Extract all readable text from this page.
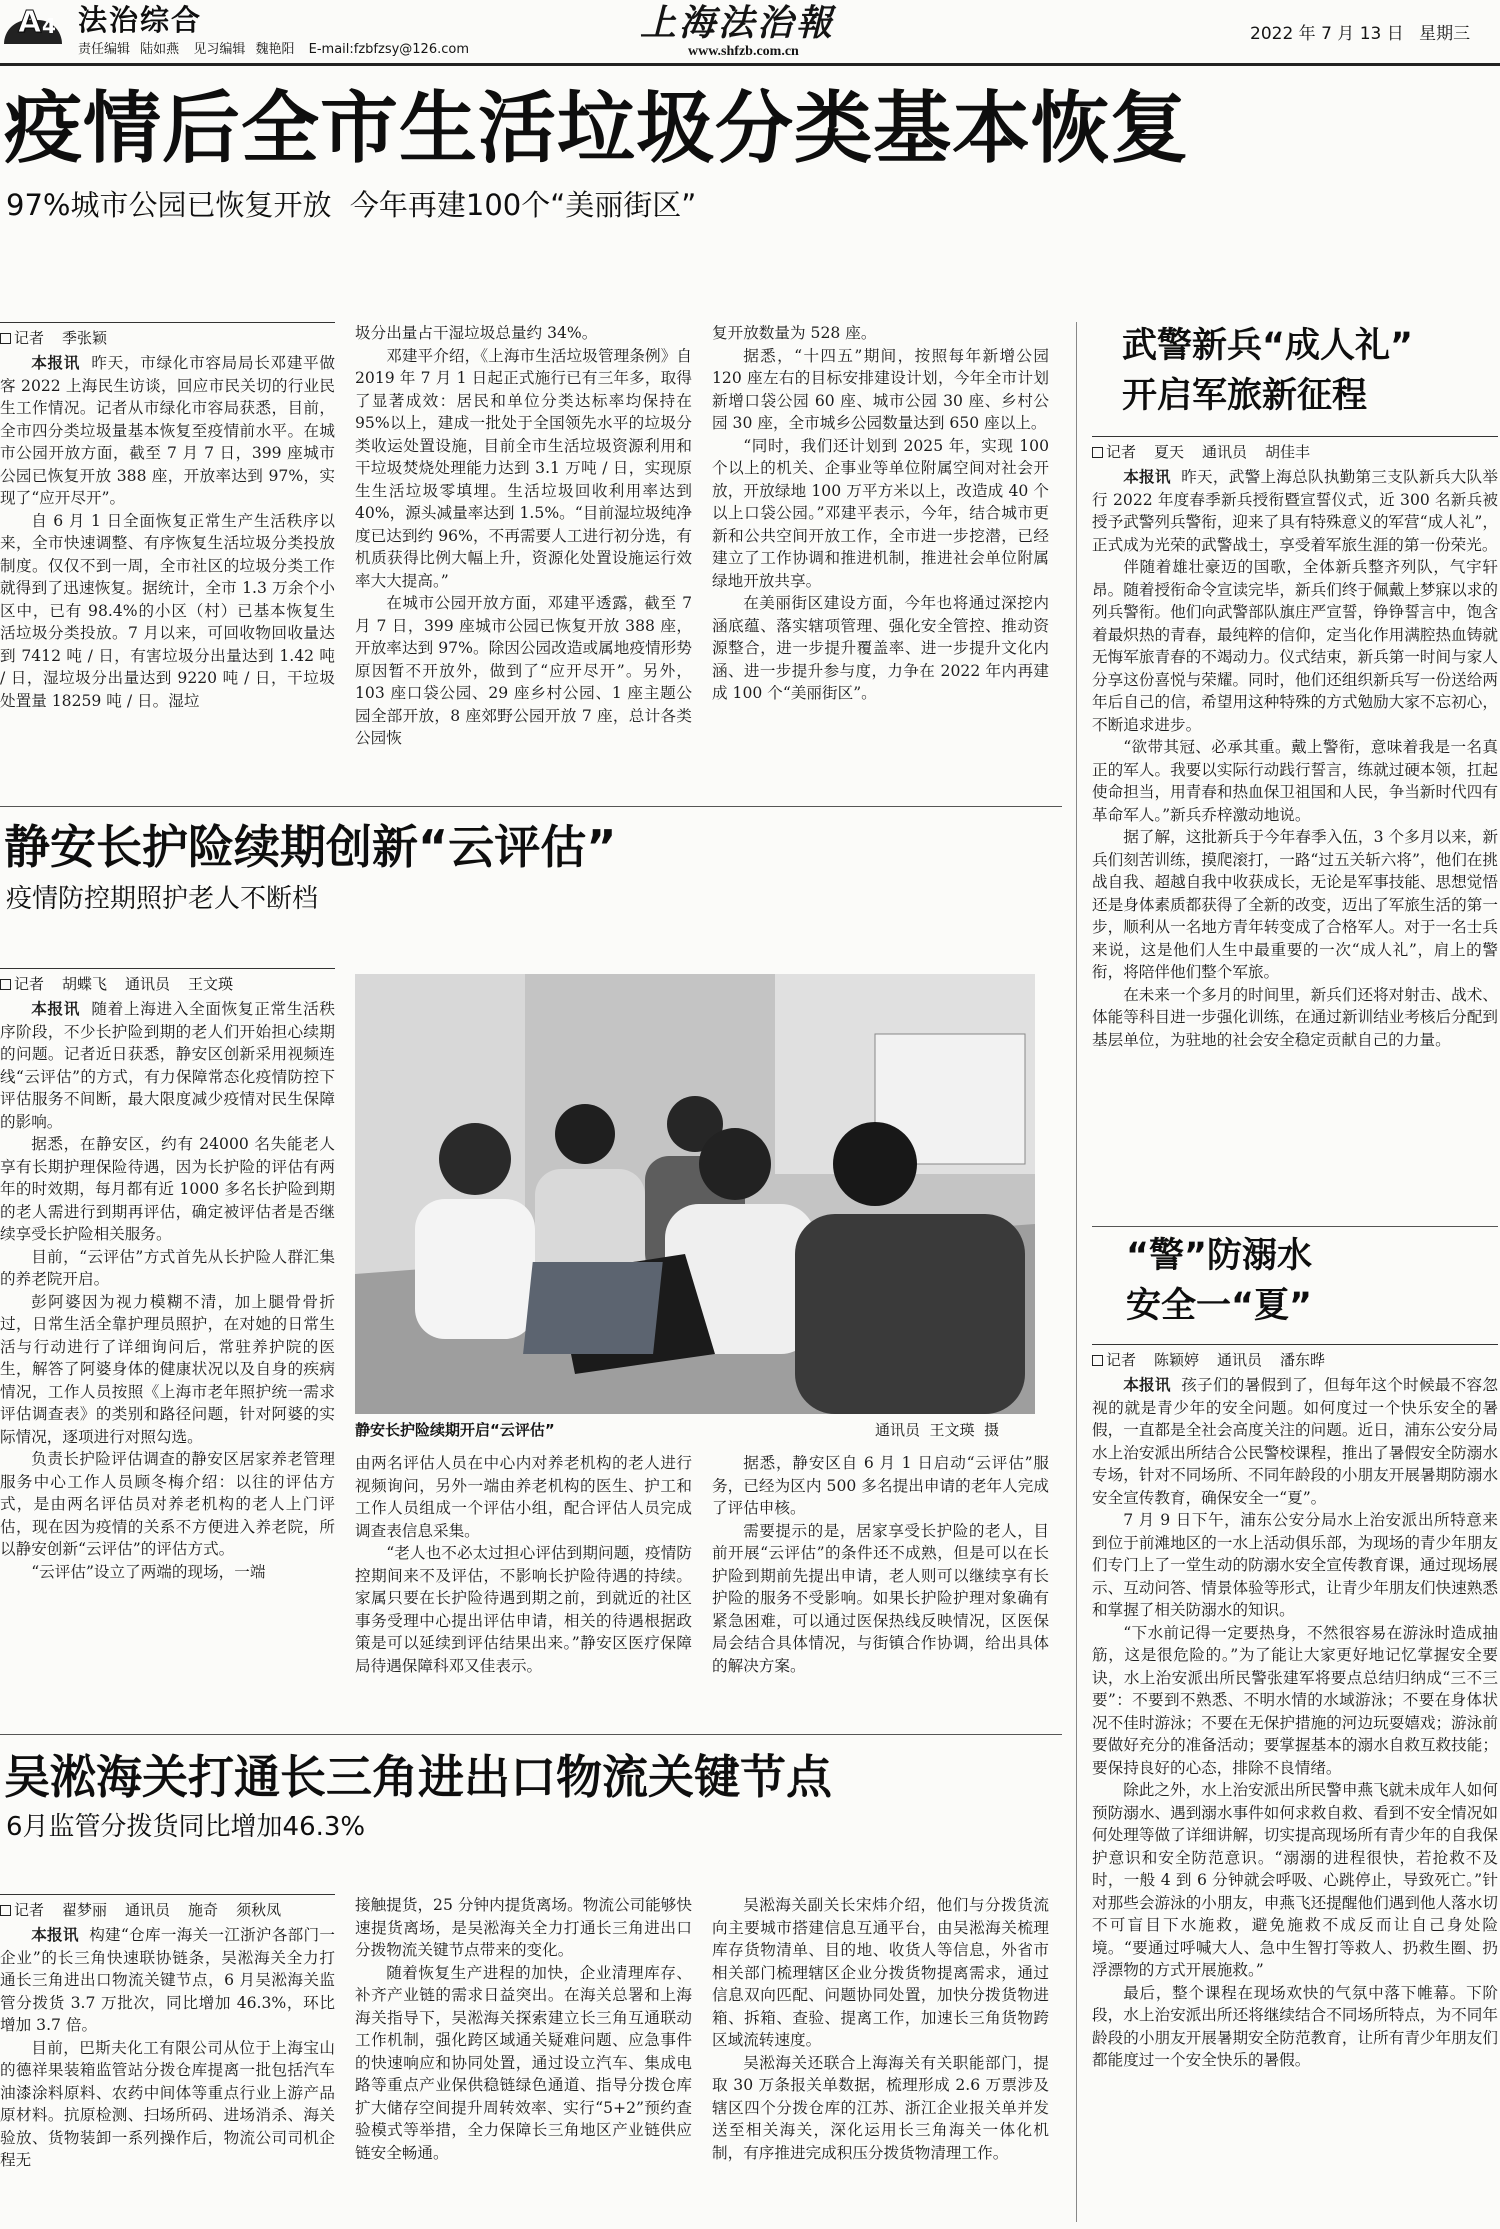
A 4 法治综合
责任编辑 陆如燕 见习编辑 魏艳阳 E-mail:fzbfzsy@126.com
上海法治報
www.shfzb.com.cn
2022 年 7 月 13 日 星期三
疫情后全市生活垃圾分类基本恢复
97%城市公园已恢复开放  今年再建100个“美丽街区”
记者 季张颖

本报讯 昨天，市绿化市容局局长邓建平做客 2022 上海民生访谈，回应市民关切的行业民生工作情况。记者从市绿化市容局获悉，目前，全市四分类垃圾量基本恢复至疫情前水平。在城市公园开放方面，截至 7 月 7 日，399 座城市公园已恢复开放 388 座，开放率达到 97%，实现了“应开尽开”。

自 6 月 1 日全面恢复正常生产生活秩序以来，全市快速调整、有序恢复生活垃圾分类投放制度。仅仅不到一周，全市社区的垃圾分类工作就得到了迅速恢复。据统计，全市 1.3 万余个小区中，已有 98.4%的小区（村）已基本恢复生活垃圾分类投放。7 月以来，可回收物回收量达到 7412 吨 / 日，有害垃圾分出量达到 1.42 吨 / 日，湿垃圾分出量达到 9220 吨 / 日，干垃圾处置量 18259 吨 / 日。湿垃

圾分出量占干湿垃圾总量约 34%。

邓建平介绍，《上海市生活垃圾管理条例》自 2019 年 7 月 1 日起正式施行已有三年多，取得了显著成效：居民和单位分类达标率均保持在 95%以上，建成一批处于全国领先水平的垃圾分类收运处置设施，目前全市生活垃圾资源利用和干垃圾焚烧处理能力达到 3.1 万吨 / 日，实现原生生活垃圾零填埋。生活垃圾回收利用率达到 40%，源头减量率达到 1.5%。“目前湿垃圾纯净度已达到约 96%，不再需要人工进行初分选，有机质获得比例大幅上升，资源化处置设施运行效率大大提高。”

在城市公园开放方面，邓建平透露，截至 7 月 7 日，399 座城市公园已恢复开放 388 座，开放率达到 97%。除因公园改造或属地疫情形势原因暂不开放外，做到了“应开尽开”。另外，103 座口袋公园、29 座乡村公园、1 座主题公园全部开放，8 座郊野公园开放 7 座，总计各类公园恢

复开放数量为 528 座。

据悉，“十四五”期间，按照每年新增公园 120 座左右的目标安排建设计划，今年全市计划新增口袋公园 60 座、城市公园 30 座、乡村公园 30 座，全市城乡公园数量达到 650 座以上。

“同时，我们还计划到 2025 年，实现 100 个以上的机关、企事业等单位附属空间对社会开放，开放绿地 100 万平方米以上，改造成 40 个以上口袋公园。”邓建平表示，今年，结合城市更新和公共空间开放工作，全市进一步挖潜，已经建立了工作协调和推进机制，推进社会单位附属绿地开放共享。

在美丽街区建设方面，今年也将通过深挖内涵底蕴、落实辖项管理、强化安全管控、推动资源整合，进一步提升覆盖率、进一步提升文化内涵、进一步提升参与度，力争在 2022 年内再建成 100 个“美丽街区”。

武警新兵“成人礼”
开启军旅新征程
记者 夏天 通讯员 胡佳丰

本报讯 昨天，武警上海总队执勤第三支队新兵大队举行 2022 年度春季新兵授衔暨宣誓仪式，近 300 名新兵被授予武警列兵警衔，迎来了具有特殊意义的军营“成人礼”，正式成为光荣的武警战士，享受着军旅生涯的第一份荣光。

伴随着雄壮豪迈的国歌，全体新兵整齐列队，气宇轩昂。随着授衔命令宣读完毕，新兵们终于佩戴上梦寐以求的列兵警衔。他们向武警部队旗庄严宣誓，铮铮誓言中，饱含着最炽热的青春，最纯粹的信仰，定当化作用满腔热血铸就无悔军旅青春的不竭动力。仪式结束，新兵第一时间与家人分享这份喜悦与荣耀。同时，他们还组织新兵写一份送给两年后自己的信，希望用这种特殊的方式勉励大家不忘初心，不断追求进步。

“欲带其冠、必承其重。戴上警衔，意味着我是一名真正的军人。我要以实际行动践行誓言，练就过硬本领，扛起使命担当，用青春和热血保卫祖国和人民，争当新时代四有革命军人。”新兵乔梓激动地说。

据了解，这批新兵于今年春季入伍，3 个多月以来，新兵们刻苦训练，摸爬滚打，一路“过五关斩六将”，他们在挑战自我、超越自我中收获成长，无论是军事技能、思想觉悟还是身体素质都获得了全新的改变，迈出了军旅生活的第一步，顺利从一名地方青年转变成了合格军人。对于一名士兵来说，这是他们人生中最重要的一次“成人礼”，肩上的警衔，将陪伴他们整个军旅。

在未来一个多月的时间里，新兵们还将对射击、战术、体能等科目进一步强化训练，在通过新训结业考核后分配到基层单位，为驻地的社会安全稳定贡献自己的力量。

静安长护险续期创新“云评估”
疫情防控期照护老人不断档
记者 胡蝶飞 通讯员 王文瑛
静安长护险续期开启“云评估”	通讯员  王文瑛  摄

本报讯 随着上海进入全面恢复正常生活秩序阶段，不少长护险到期的老人们开始担心续期的问题。记者近日获悉，静安区创新采用视频连线“云评估”的方式，有力保障常态化疫情防控下评估服务不间断，最大限度减少疫情对民生保障的影响。

据悉，在静安区，约有 24000 名失能老人享有长期护理保险待遇，因为长护险的评估有两年的时效期，每月都有近 1000 多名长护险到期的老人需进行到期再评估，确定被评估者是否继续享受长护险相关服务。

目前，“云评估”方式首先从长护险人群汇集的养老院开启。

彭阿婆因为视力模糊不清，加上腿骨骨折过，日常生活全靠护理员照护，在对她的日常生活与行动进行了详细询问后，常驻养护院的医生，解答了阿婆身体的健康状况以及自身的疾病情况，工作人员按照《上海市老年照护统一需求评估调查表》的类别和路径问题，针对阿婆的实际情况，逐项进行对照勾选。

负责长护险评估调查的静安区居家养老管理服务中心工作人员顾冬梅介绍：以往的评估方式，是由两名评估员对养老机构的老人上门评估，现在因为疫情的关系不方便进入养老院，所以静安创新“云评估”的评估方式。

“云评估”设立了两端的现场，一端

由两名评估人员在中心内对养老机构的老人进行视频询问，另外一端由养老机构的医生、护工和工作人员组成一个评估小组，配合评估人员完成调查表信息采集。

“老人也不必太过担心评估到期问题，疫情防控期间来不及评估，不影响长护险待遇的持续。家属只要在长护险待遇到期之前，到就近的社区事务受理中心提出评估申请，相关的待遇根据政策是可以延续到评估结果出来。”静安区医疗保障局待遇保障科邓又佳表示。

据悉，静安区自 6 月 1 日启动“云评估”服务，已经为区内 500 多名提出申请的老年人完成了评估申核。

需要提示的是，居家享受长护险的老人，目前开展“云评估”的条件还不成熟，但是可以在长护险到期前先提出申请，老人则可以继续享有长护险的服务不受影响。如果长护险护理对象确有紧急困难，可以通过医保热线反映情况，区医保局会结合具体情况，与街镇合作协调，给出具体的解决方案。

“警”防溺水
安全一“夏”
记者 陈颖婷 通讯员 潘东晔

本报讯 孩子们的暑假到了，但每年这个时候最不容忽视的就是青少年的安全问题。如何度过一个快乐安全的暑假，一直都是全社会高度关注的问题。近日，浦东公安分局水上治安派出所结合公民警校课程，推出了暑假安全防溺水专场，针对不同场所、不同年龄段的小朋友开展暑期防溺水安全宣传教育，确保安全一“夏”。

7 月 9 日下午，浦东公安分局水上治安派出所特意来到位于前滩地区的一水上活动俱乐部，为现场的青少年朋友们专门上了一堂生动的防溺水安全宣传教育课，通过现场展示、互动问答、情景体验等形式，让青少年朋友们快速熟悉和掌握了相关防溺水的知识。

“下水前记得一定要热身，不然很容易在游泳时造成抽筋，这是很危险的。”为了能让大家更好地记忆掌握安全要诀，水上治安派出所民警张建军将要点总结归纳成“三不三要”：不要到不熟悉、不明水情的水域游泳；不要在身体状况不佳时游泳；不要在无保护措施的河边玩耍嬉戏；游泳前要做好充分的准备活动；要掌握基本的溺水自救互救技能；要保持良好的心态，排除不良情绪。

除此之外，水上治安派出所民警申燕飞就未成年人如何预防溺水、遇到溺水事件如何求救自救、看到不安全情况如何处理等做了详细讲解，切实提高现场所有青少年的自我保护意识和安全防范意识。“溺溺的进程很快，若抢救不及时，一般 4 到 6 分钟就会呼吸、心跳停止，导致死亡。”针对那些会游泳的小朋友，申燕飞还提醒他们遇到他人落水切不可盲目下水施救，避免施救不成反而让自己身处险境。“要通过呼喊大人、急中生智打等救人、扔救生圈、扔浮漂物的方式开展施救。”

最后，整个课程在现场欢快的气氛中落下帷幕。下阶段，水上治安派出所还将继续结合不同场所特点，为不同年龄段的小朋友开展暑期安全防范教育，让所有青少年朋友们都能度过一个安全快乐的暑假。

吴淞海关打通长三角进出口物流关键节点
6月监管分拨货同比增加46.3%
记者 翟梦丽 通讯员 施奇 须秋凤

本报讯 构建“仓库一海关一江浙沪各部门一企业”的长三角快速联协链条，吴淞海关全力打通长三角进出口物流关键节点，6 月吴淞海关监管分拨货 3.7 万批次，同比增加 46.3%，环比增加 3.7 倍。

目前，巴斯夫化工有限公司从位于上海宝山的德祥果装箱监管站分拨仓库提离一批包括汽车油漆涂料原料、农药中间体等重点行业上游产品原材料。抗原检测、扫场所码、进场消杀、海关验放、货物装卸一系列操作后，物流公司司机企程无

接触提货，25 分钟内提货离场。物流公司能够快速提货离场，是吴淞海关全力打通长三角进出口分拨物流关键节点带来的变化。

随着恢复生产进程的加快，企业清理库存、补齐产业链的需求日益突出。在海关总署和上海海关指导下，吴淞海关探索建立长三角互通联动工作机制，强化跨区域通关疑难问题、应急事件的快速响应和协同处置，通过设立汽车、集成电路等重点产业保供稳链绿色通道、指导分拨仓库扩大储存空间提升周转效率、实行“5+2”预约查验模式等举措，全力保障长三角地区产业链供应链安全畅通。

吴淞海关副关长宋炜介绍，他们与分拨货流向主要城市搭建信息互通平台，由吴淞海关梳理库存货物清单、目的地、收货人等信息，外省市相关部门梳理辖区企业分拨货物提离需求，通过信息双向匹配、问题协同处置，加快分拨货物进箱、拆箱、查验、提离工作，加速长三角货物跨区域流转速度。

吴淞海关还联合上海海关有关职能部门，提取 30 万条报关单数据，梳理形成 2.6 万票涉及辖区四个分拨仓库的江苏、浙江企业报关单并发送至相关海关，深化运用长三角海关一体化机制，有序推进完成积压分拨货物清理工作。
